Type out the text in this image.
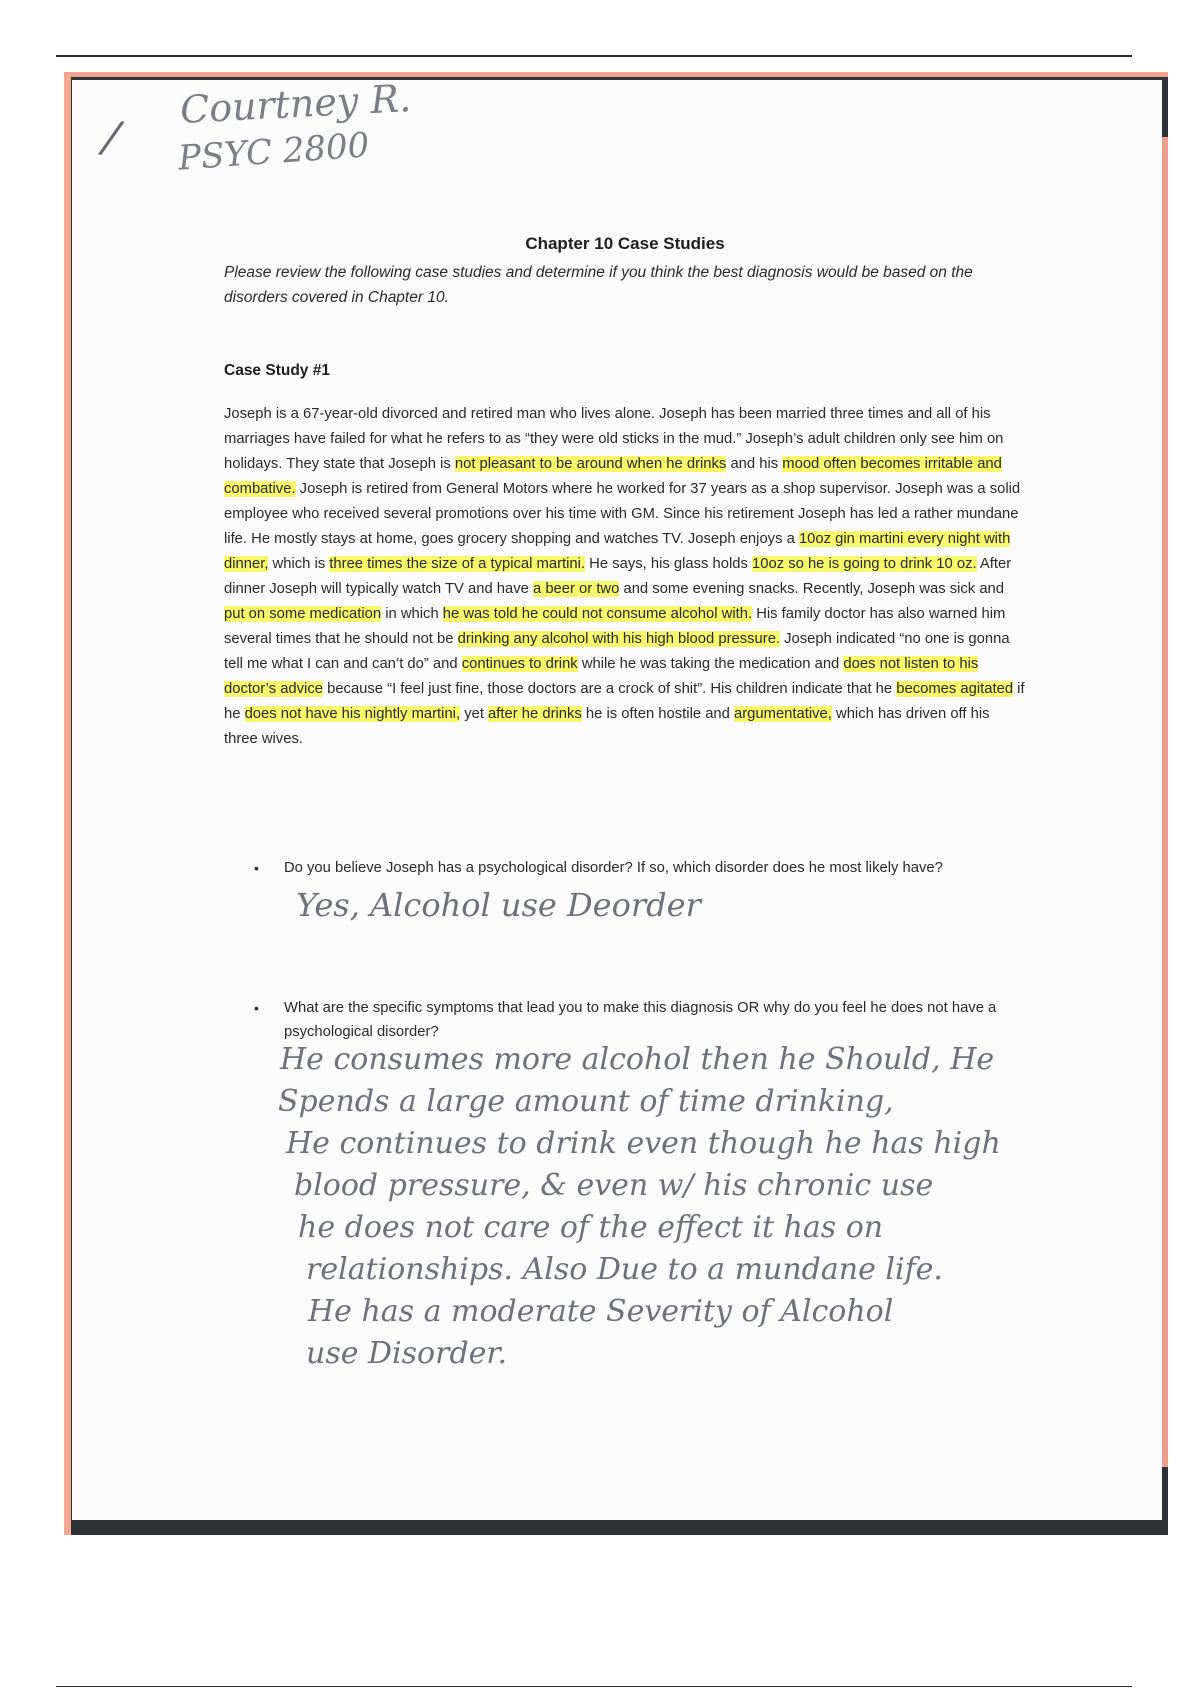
/
Courtney R.
PSYC 2800
Chapter 10 Case Studies
Please review the following case studies and determine if you think the best diagnosis would be based on the disorders covered in Chapter 10.
Case Study #1
Joseph is a 67-year-old divorced and retired man who lives alone. Joseph has been married three times and all of his marriages have failed for what he refers to as “they were old sticks in the mud.” Joseph’s adult children only see him on holidays. They state that Joseph is not pleasant to be around when he drinks and his mood often becomes irritable and combative. Joseph is retired from General Motors where he worked for 37 years as a shop supervisor. Joseph was a solid employee who received several promotions over his time with GM. Since his retirement Joseph has led a rather mundane life. He mostly stays at home, goes grocery shopping and watches TV. Joseph enjoys a 10oz gin martini every night with dinner, which is three times the size of a typical martini. He says, his glass holds 10oz so he is going to drink 10 oz. After dinner Joseph will typically watch TV and have a beer or two and some evening snacks. Recently, Joseph was sick and put on some medication in which he was told he could not consume alcohol with. His family doctor has also warned him several times that he should not be drinking any alcohol with his high blood pressure. Joseph indicated “no one is gonna tell me what I can and can’t do” and continues to drink while he was taking the medication and does not listen to his doctor’s advice because “I feel just fine, those doctors are a crock of shit”. His children indicate that he becomes agitated if he does not have his nightly martini, yet after he drinks he is often hostile and argumentative, which has driven off his three wives.
• Do you believe Joseph has a psychological disorder? If so, which disorder does he most likely have?
Yes, Alcohol use Deorder
• What are the specific symptoms that lead you to make this diagnosis OR why do you feel he does not have a psychological disorder?
He consumes more alcohol then he Should, He
Spends a large amount of time drinking,
He continues to drink even though he has high
blood pressure, & even w/ his chronic use
he does not care of the effect it has on
relationships. Also Due to a mundane life.
He has a moderate Severity of Alcohol
use Disorder.
